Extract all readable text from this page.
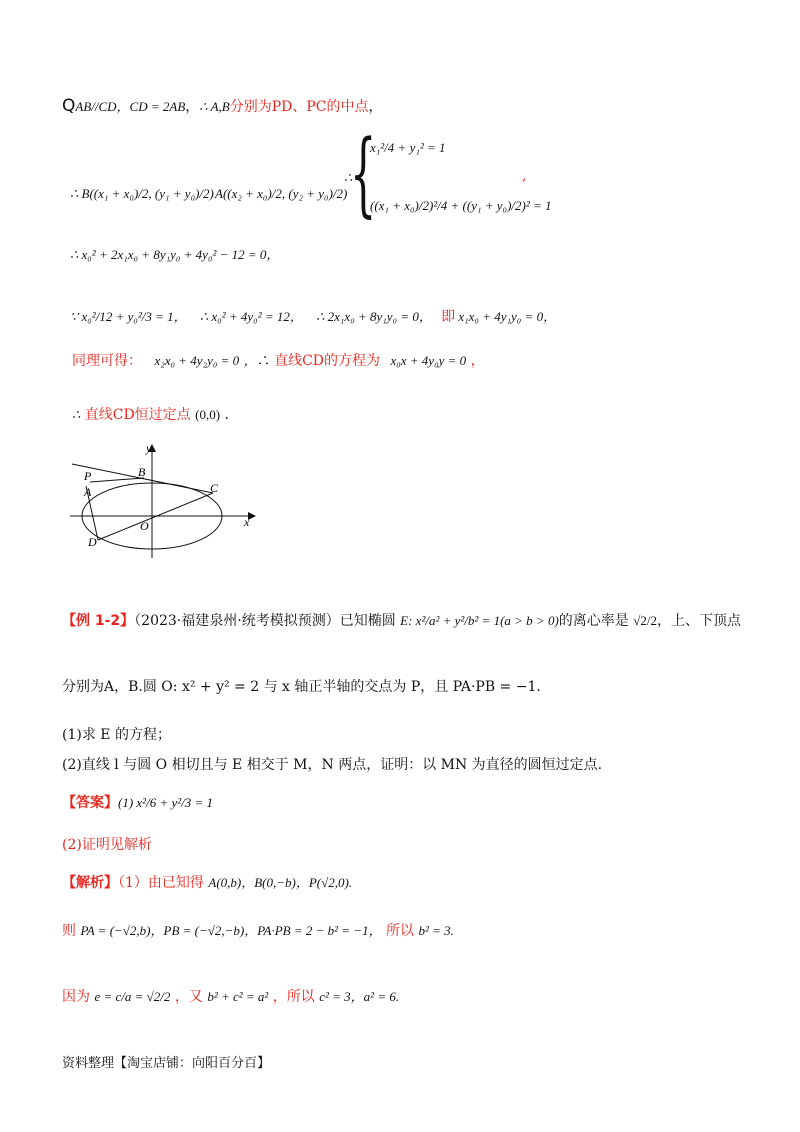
QAB//CD，CD = 2AB，∴ A,B分别为PD、PC的中点，
∴ B((x₁ + x₀)/2, (y₁ + y₀)/2) A((x₂ + x₀)/2, (y₂ + y₀)/2)
∴
{
x₁²/4 + y₁² = 1
((x₁ + x₀)/2)²/4 + ((y₁ + y₀)/2)² = 1
,
∴ x₀² + 2x₁x₀ + 8y₁y₀ + 4y₀² − 12 = 0，
∵ x₀²/12 + y₀²/3 = 1， ∴ x₀² + 4y₀² = 12， ∴ 2x₁x₀ + 8y₁y₀ = 0， 即 x₁x₀ + 4y₁y₀ = 0，
同理可得： x₂x₀ + 4y₂y₀ = 0 ，∴ 直线CD的方程为 x₀x + 4y₀y = 0 ，
∴ 直线CD恒过定点 (0,0) .
y
x
P	B
A	C
O
D
【例 1-2】（2023·福建泉州·统考模拟预测）已知椭圆 E: x²/a² + y²/b² = 1(a > b > 0)的离心率是 √2/2，上、下顶点
分别为A，B.圆 O: x² + y² = 2 与 x 轴正半轴的交点为 P，且 PA·PB = −1.
(1)求 E 的方程；
(2)直线 l 与圆 O 相切且与 E 相交于 M，N 两点，证明：以 MN 为直径的圆恒过定点.
【答案】(1) x²/6 + y²/3 = 1
(2)证明见解析
【解析】（1）由已知得 A(0,b)，B(0,−b)，P(√2,0).
则 PA = (−√2,b)，PB = (−√2,−b)，PA·PB = 2 − b² = −1， 所以 b² = 3.
因为 e = c/a = √2/2 ，又 b² + c² = a² ，所以 c² = 3，a² = 6.
资料整理【淘宝店铺：向阳百分百】
